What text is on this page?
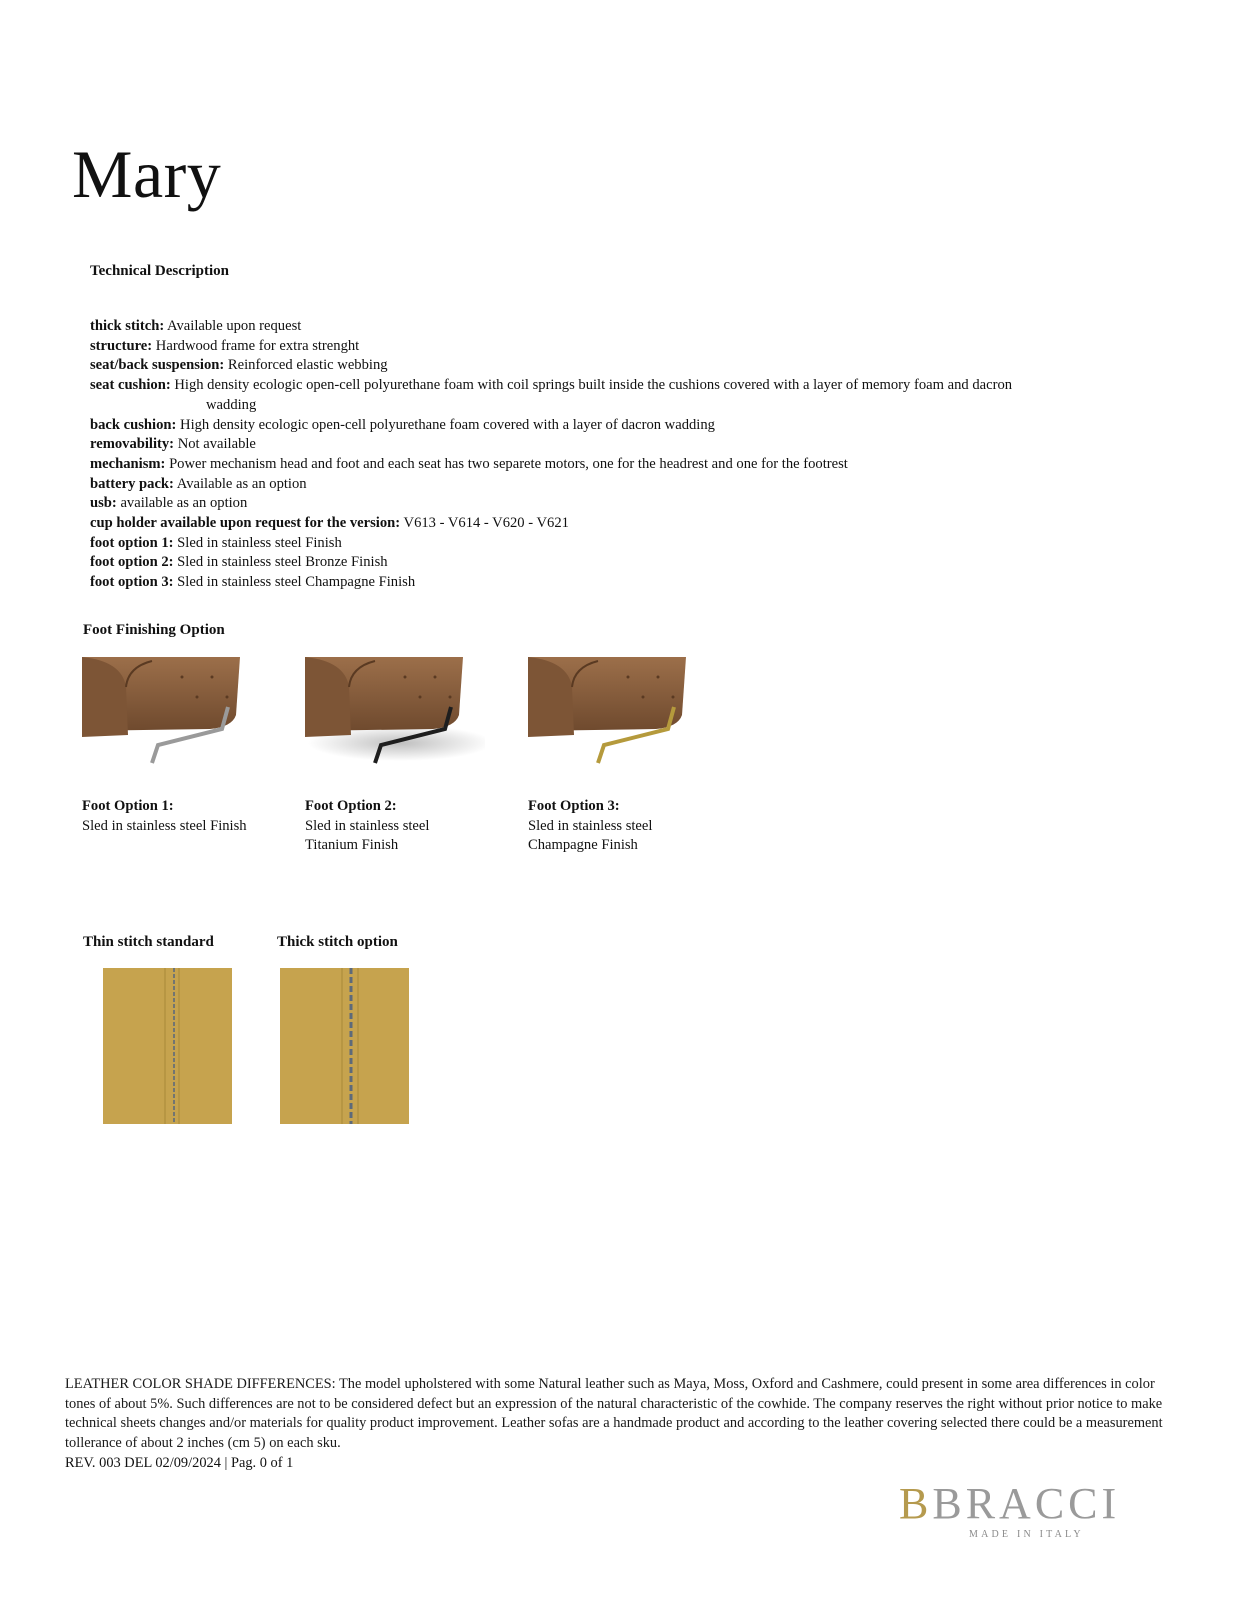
Mary
Technical Description
thick stitch: Available upon request
structure: Hardwood frame for extra strenght
seat/back suspension: Reinforced elastic webbing
seat cushion: High density ecologic open-cell polyurethane foam with coil springs built inside the cushions covered with a layer of memory foam and dacron
wadding
back cushion: High density ecologic open-cell polyurethane foam covered with a layer of dacron wadding
removability: Not available
mechanism: Power mechanism head and foot and each seat has two separete motors, one for the headrest and one for the footrest
battery pack: Available as an option
usb: available as an option
cup holder available upon request for the version: V613 - V614 - V620 - V621
foot option 1: Sled in stainless steel Finish
foot option 2: Sled in stainless steel Bronze Finish
foot option 3: Sled in stainless steel Champagne Finish
Foot Finishing Option
Foot Option 1:
Sled in stainless steel Finish
Foot Option 2:
Sled in stainless steel Titanium Finish
Foot Option 3:
Sled in stainless steel Champagne Finish
Thin stitch standard	Thick stitch option
LEATHER COLOR SHADE DIFFERENCES: The model upholstered with some Natural leather such as Maya, Moss, Oxford and Cashmere, could present in some area differences in color tones of about 5%. Such differences are not to be considered defect but an expression of the natural characteristic of the cowhide. The company reserves the right without prior notice to make technical sheets changes and/or materials for quality product improvement. Leather sofas are a handmade product and according to the leather covering selected there could be a measurement tollerance of about 2 inches (cm 5) on each sku.
REV. 003 DEL 02/09/2024 | Pag. 0 of 1
BBRACCI
MADE IN ITALY
